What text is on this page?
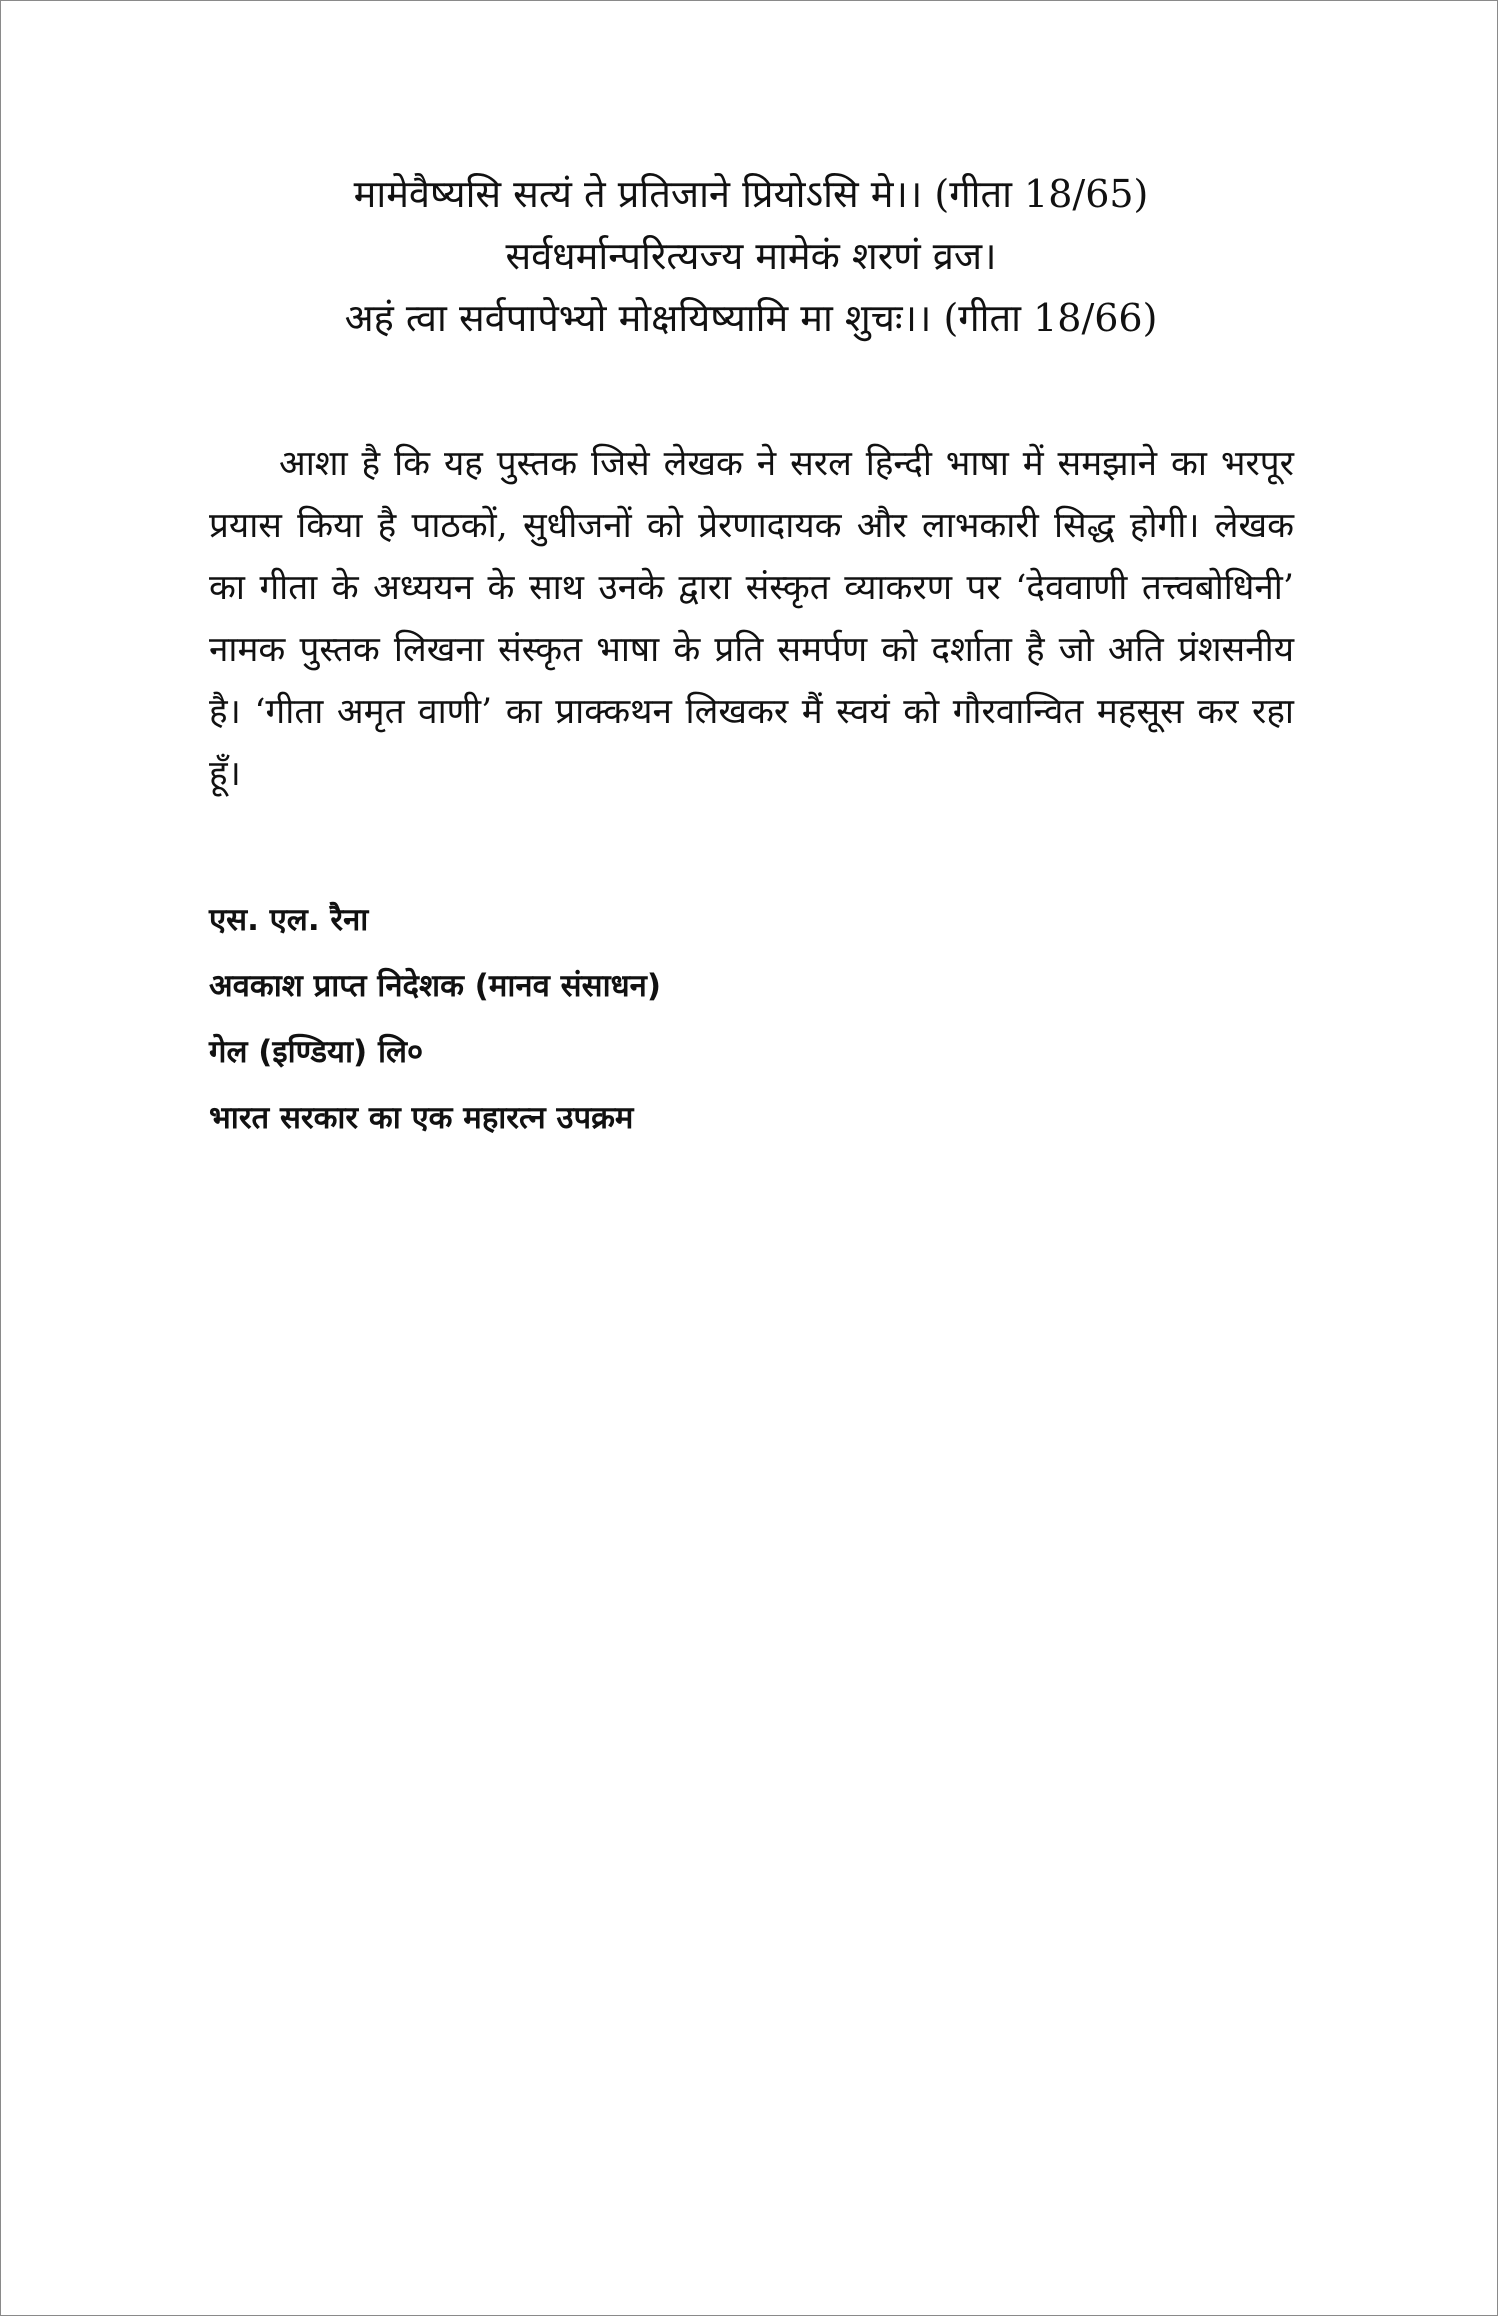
मामेवैष्यसि सत्यं ते प्रतिजाने प्रियोऽसि मे।। (गीता 18/65)

सर्वधर्मान्परित्यज्य मामेकं शरणं व्रज।

अहं त्वा सर्वपापेभ्यो मोक्षयिष्यामि मा शुचः।। (गीता 18/66)

आशा है कि यह पुस्तक जिसे लेखक ने सरल हिन्दी भाषा में समझाने का भरपूर प्रयास किया है पाठकों, सुधीजनों को प्रेरणादायक और लाभकारी सिद्ध होगी। लेखक का गीता के अध्ययन के साथ उनके द्वारा संस्कृत व्याकरण पर ‘देववाणी तत्त्वबोधिनी’ नामक पुस्तक लिखना संस्कृत भाषा के प्रति समर्पण को दर्शाता है जो अति प्रंशसनीय है। ‘गीता अमृत वाणी’ का प्राक्कथन लिखकर मैं स्वयं को गौरवान्वित महसूस कर रहा हूँ।

एस. एल. रैना

अवकाश प्राप्त निदेशक (मानव संसाधन)

गेल (इण्डिया) लि०

भारत सरकार का एक महारत्न उपक्रम
